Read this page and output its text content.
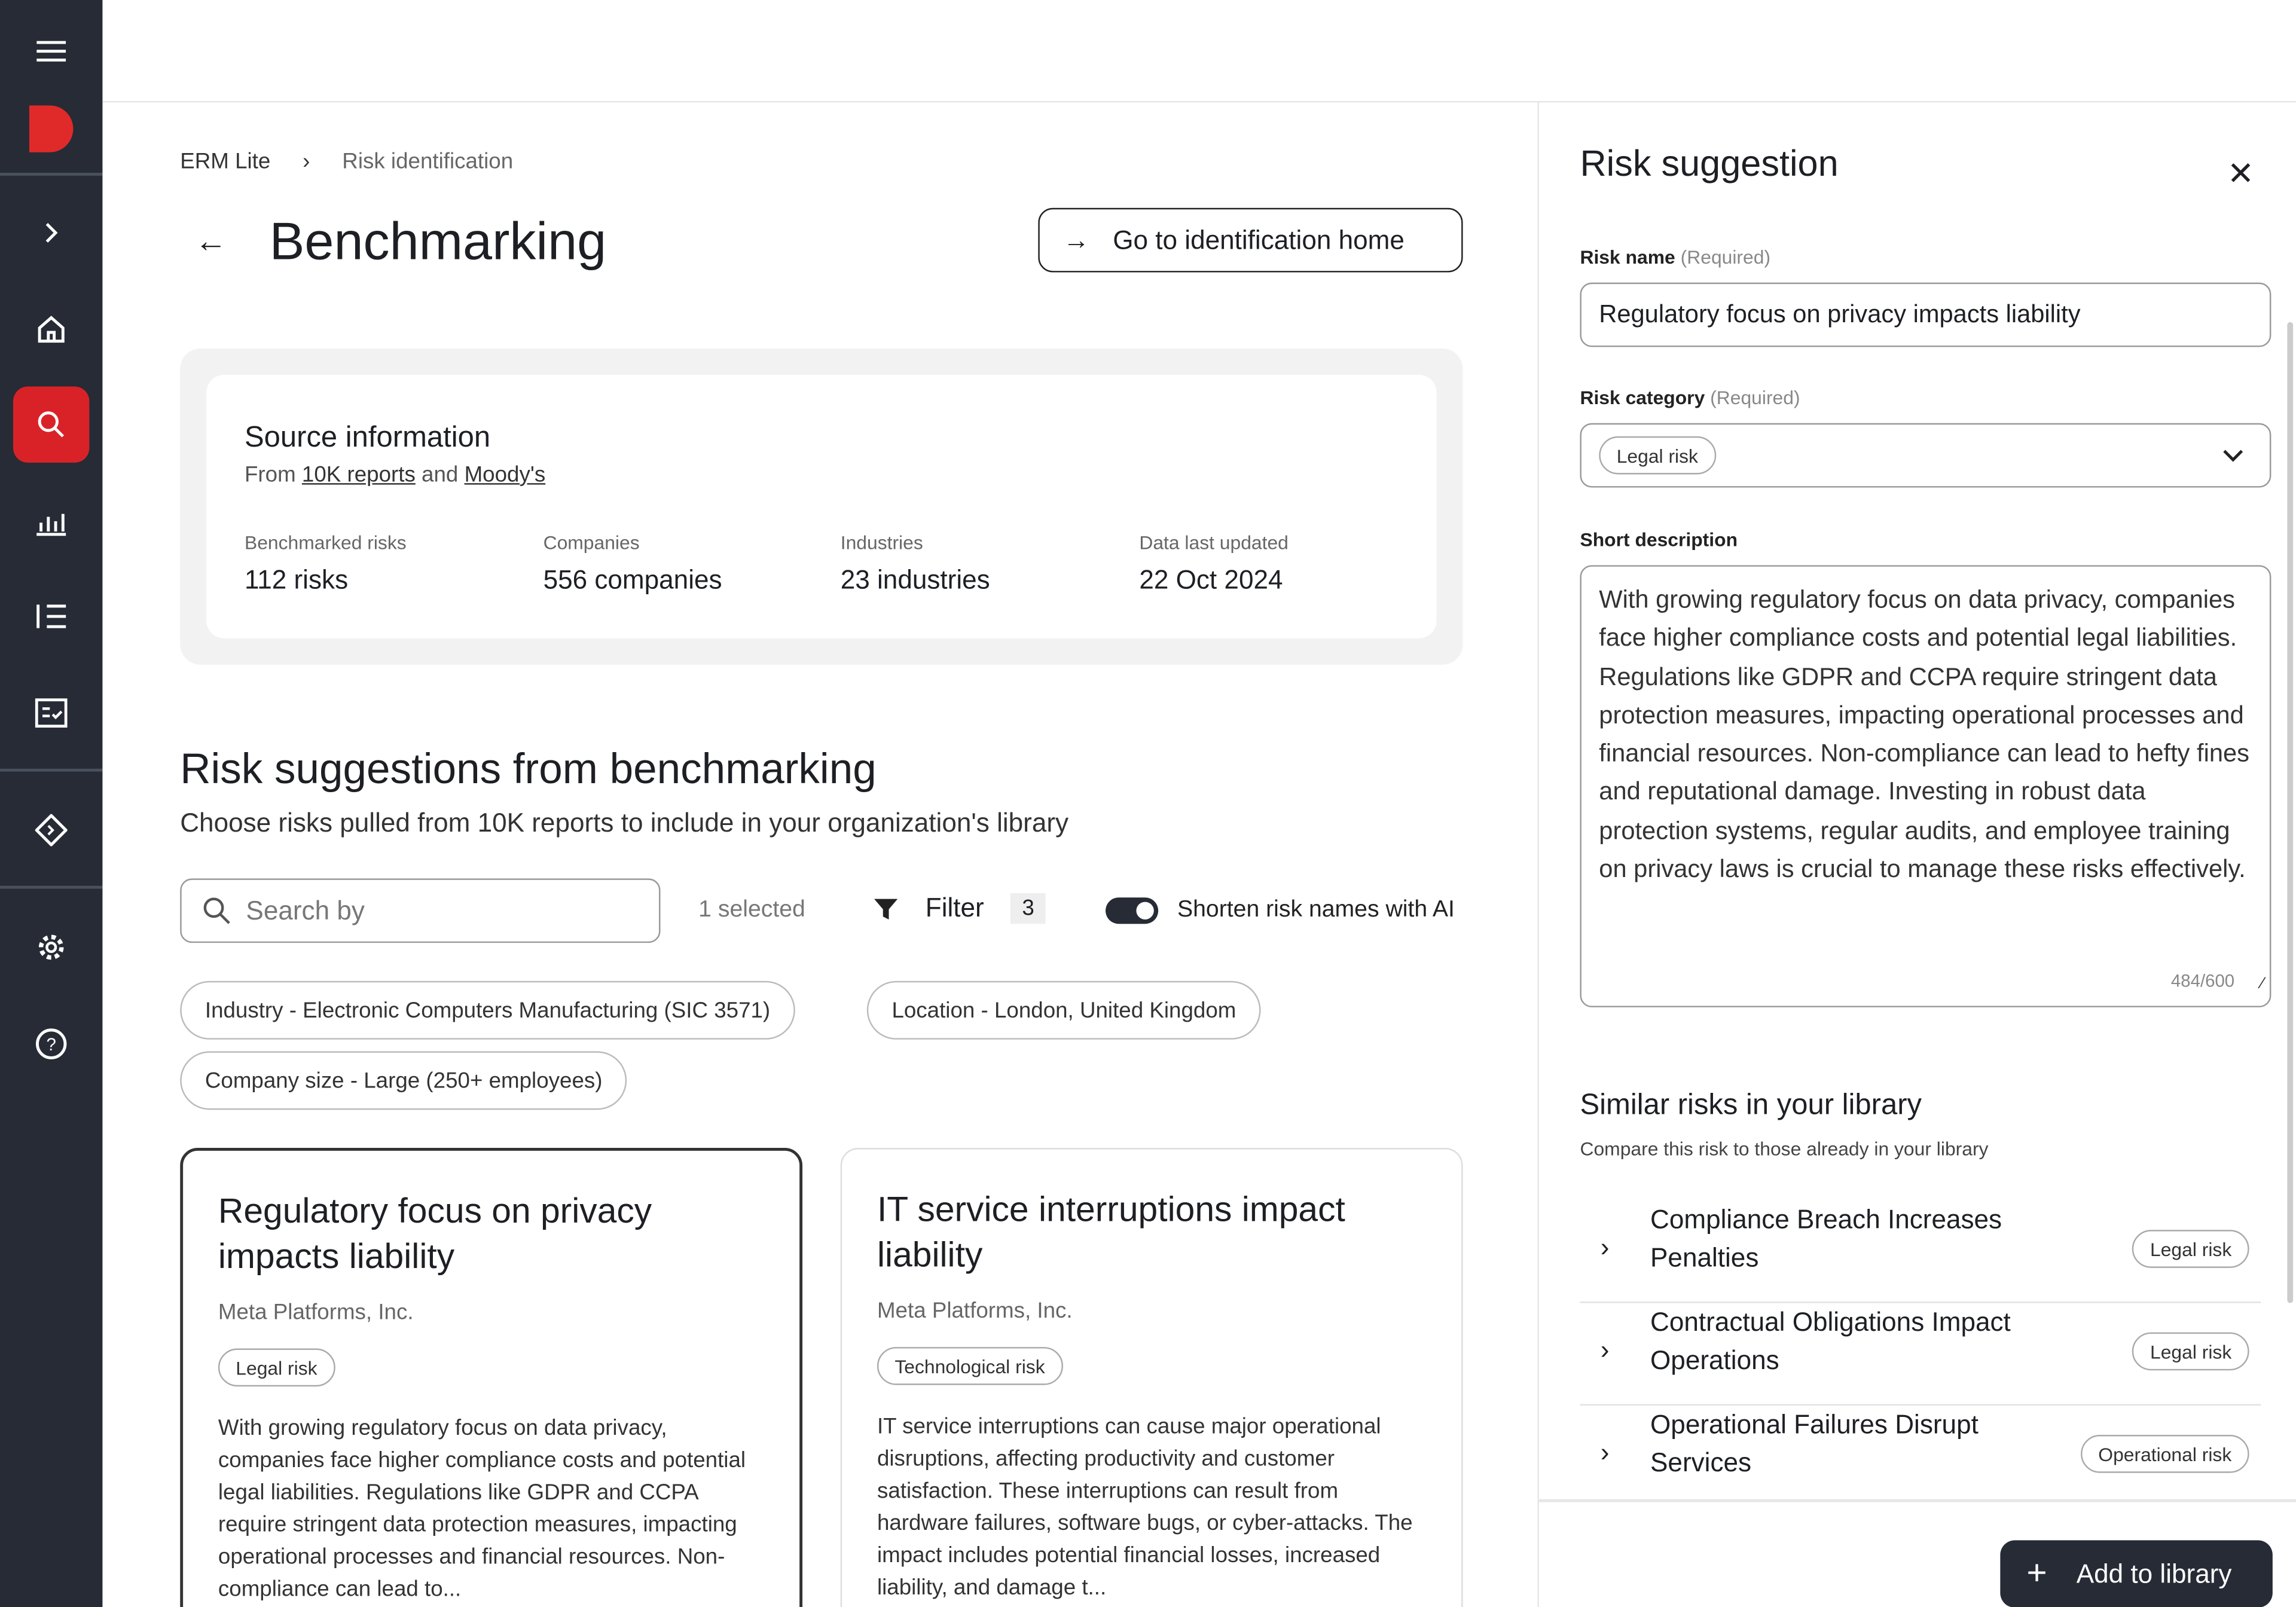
?
ERM Lite	›	Risk identification
← Benchmarking	→ Go to identification home
Source information
From 10K reports and Moody's
Benchmarked risks
112 risks
Companies
556 companies
Industries
23 industries
Data last updated
22 Oct 2024
Risk suggestions from benchmarking
Choose risks pulled from 10K reports to include in your organization's library
Search by	1 selected	Filter	3	Shorten risk names with AI
Industry - Electronic Computers Manufacturing (SIC 3571)	Location - London, United Kingdom
Company size - Large (250+ employees)
Regulatory focus on privacy impacts liability
Meta Platforms, Inc.
Legal risk
With growing regulatory focus on data privacy, companies face higher compliance costs and potential legal liabilities. Regulations like GDPR and CCPA require stringent data protection measures, impacting operational processes and financial resources. Non-compliance can lead to...
IT service interruptions impact liability
Meta Platforms, Inc.
Technological risk
IT service interruptions can cause major operational disruptions, affecting productivity and customer satisfaction. These interruptions can result from hardware failures, software bugs, or cyber-attacks. The impact includes potential financial losses, increased liability, and damage t...
Risk suggestion	✕
Risk name (Required)
Regulatory focus on privacy impacts liability
Risk category (Required)
Legal risk
Short description
With growing regulatory focus on data privacy, companies face higher compliance costs and potential legal liabilities. Regulations like GDPR and CCPA require stringent data protection measures, impacting operational processes and financial resources. Non-compliance can lead to hefty fines and reputational damage. Investing in robust data protection systems, regular audits, and employee training on privacy laws is crucial to manage these risks effectively.
484/600	⁄
Similar risks in your library
Compare this risk to those already in your library
›
Compliance Breach Increases Penalties	Legal risk
›
Contractual Obligations Impact Operations	Legal risk
›
Operational Failures Disrupt Services	Operational risk
+	Add to library
